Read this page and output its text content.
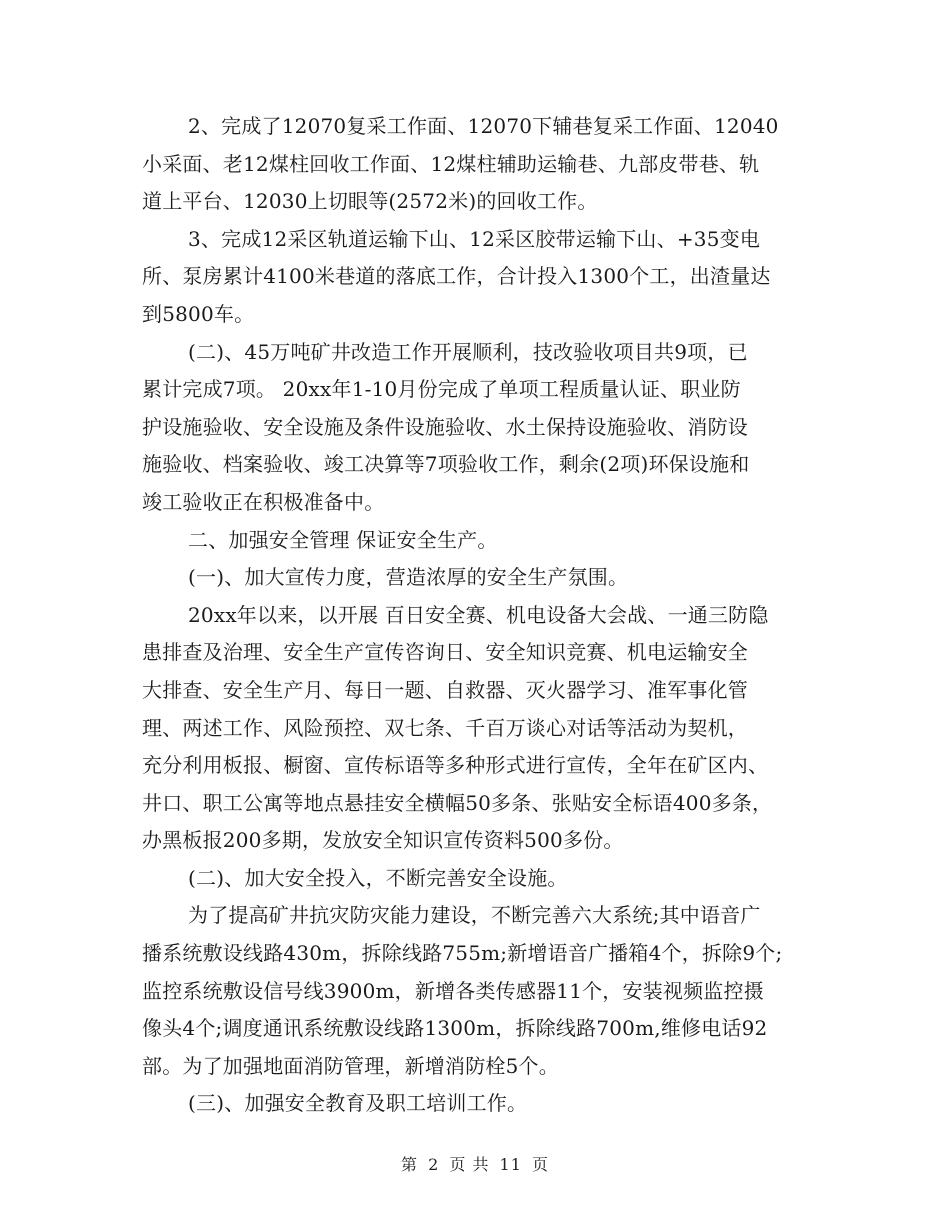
2、完成了12070复采工作面、12070下辅巷复采工作面、12040
小采面、老12煤柱回收工作面、12煤柱辅助运输巷、九部皮带巷、轨
道上平台、12030上切眼等(2572米)的回收工作。
3、完成12采区轨道运输下山、12采区胶带运输下山、+35变电
所、泵房累计4100米巷道的落底工作，合计投入1300个工，出渣量达
到5800车。
(二)、45万吨矿井改造工作开展顺利，技改验收项目共9项，已
累计完成7项。 20xx年1-10月份完成了单项工程质量认证、职业防
护设施验收、安全设施及条件设施验收、水土保持设施验收、消防设
施验收、档案验收、竣工决算等7项验收工作，剩余(2项)环保设施和
竣工验收正在积极准备中。
二、加强安全管理 保证安全生产。
(一)、加大宣传力度，营造浓厚的安全生产氛围。
20xx年以来，以开展 百日安全赛、机电设备大会战、一通三防隐
患排查及治理、安全生产宣传咨询日、安全知识竞赛、机电运输安全
大排查、安全生产月、每日一题、自救器、灭火器学习、准军事化管
理、两述工作、风险预控、双七条、千百万谈心对话等活动为契机，
充分利用板报、橱窗、宣传标语等多种形式进行宣传，全年在矿区内、
井口、职工公寓等地点悬挂安全横幅50多条、张贴安全标语400多条，
办黑板报200多期，发放安全知识宣传资料500多份。
(二)、加大安全投入，不断完善安全设施。
为了提高矿井抗灾防灾能力建设，不断完善六大系统;其中语音广
播系统敷设线路430m，拆除线路755m;新增语音广播箱4个，拆除9个;
监控系统敷设信号线3900m，新增各类传感器11个，安装视频监控摄
像头4个;调度通讯系统敷设线路1300m，拆除线路700m,维修电话92
部。为了加强地面消防管理，新增消防栓5个。
(三)、加强安全教育及职工培训工作。
第 2 页 共 11 页
